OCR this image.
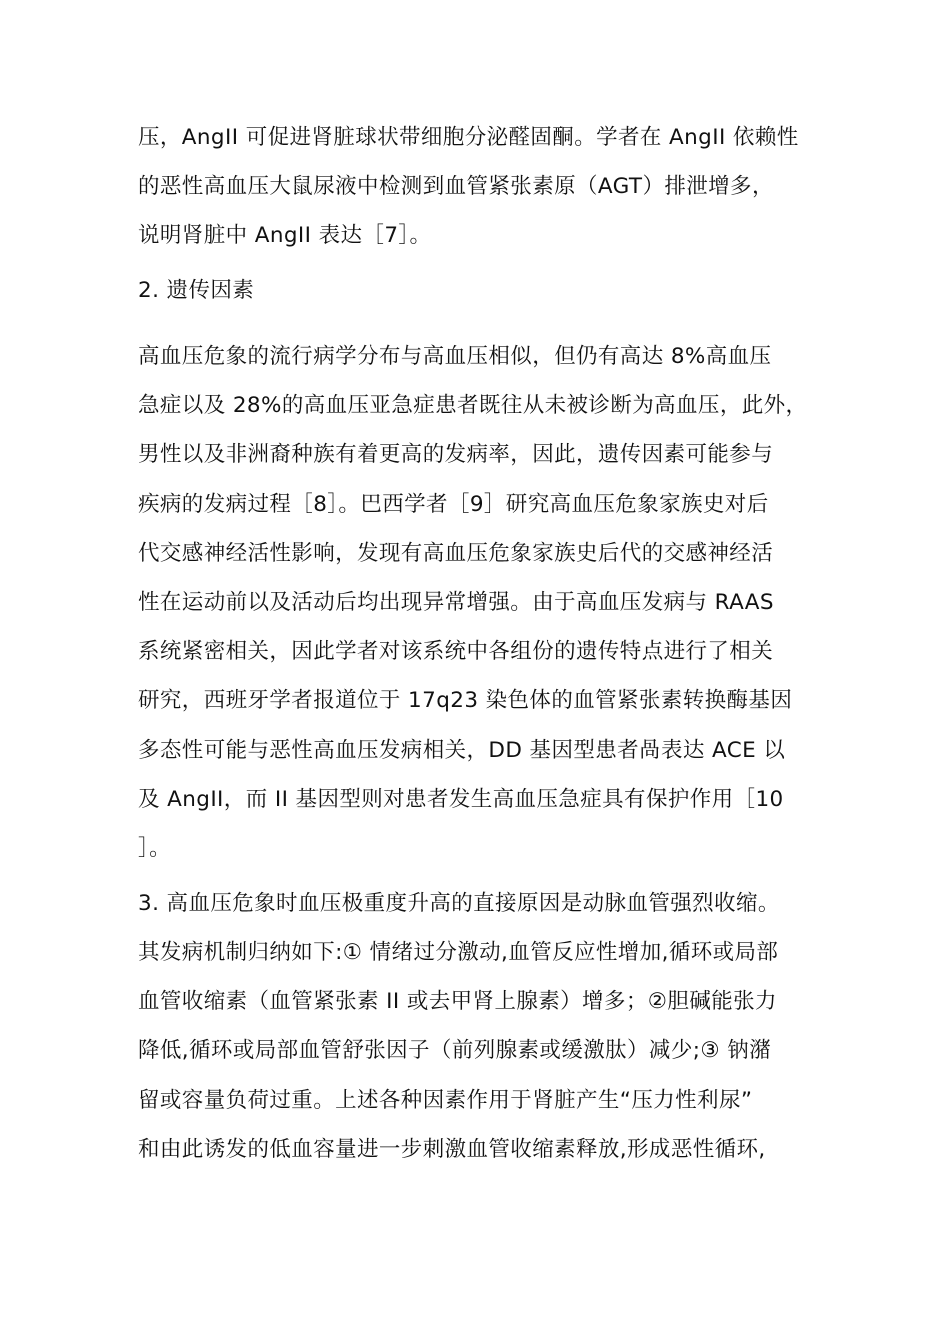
压，AngII 可促进肾脏球状带细胞分泌醛固酮。学者在 AngII 依赖性

的恶性高血压大鼠尿液中检测到血管紧张素原（AGT）排泄增多，

说明肾脏中 AngII 表达［7］。

2. 遗传因素

高血压危象的流行病学分布与高血压相似，但仍有高达 8%高血压

急症以及 28%的高血压亚急症患者既往从未被诊断为高血压，此外，

男性以及非洲裔种族有着更高的发病率，因此，遗传因素可能参与

疾病的发病过程［8］。巴西学者［9］研究高血压危象家族史对后

代交感神经活性影响，发现有高血压危象家族史后代的交感神经活

性在运动前以及活动后均出现异常增强。由于高血压发病与 RAAS

系统紧密相关，因此学者对该系统中各组份的遗传特点进行了相关

研究，西班牙学者报道位于 17q23 染色体的血管紧张素转换酶基因

多态性可能与恶性高血压发病相关，DD 基因型患者咼表达 ACE 以

及 AngII，而 II 基因型则对患者发生高血压急症具有保护作用［10

］。

3. 高血压危象时血压极重度升高的直接原因是动脉血管强烈收缩。

其发病机制归纳如下:① 情绪过分激动,血管反应性增加,循环或局部

血管收缩素（血管紧张素 II 或去甲肾上腺素）增多；②胆碱能张力

降低,循环或局部血管舒张因子（前列腺素或缓激肽）减少;③ 钠潴

留或容量负荷过重。上述各种因素作用于肾脏产生“压力性利尿”

和由此诱发的低血容量进一步刺激血管收缩素释放,形成恶性循环,
